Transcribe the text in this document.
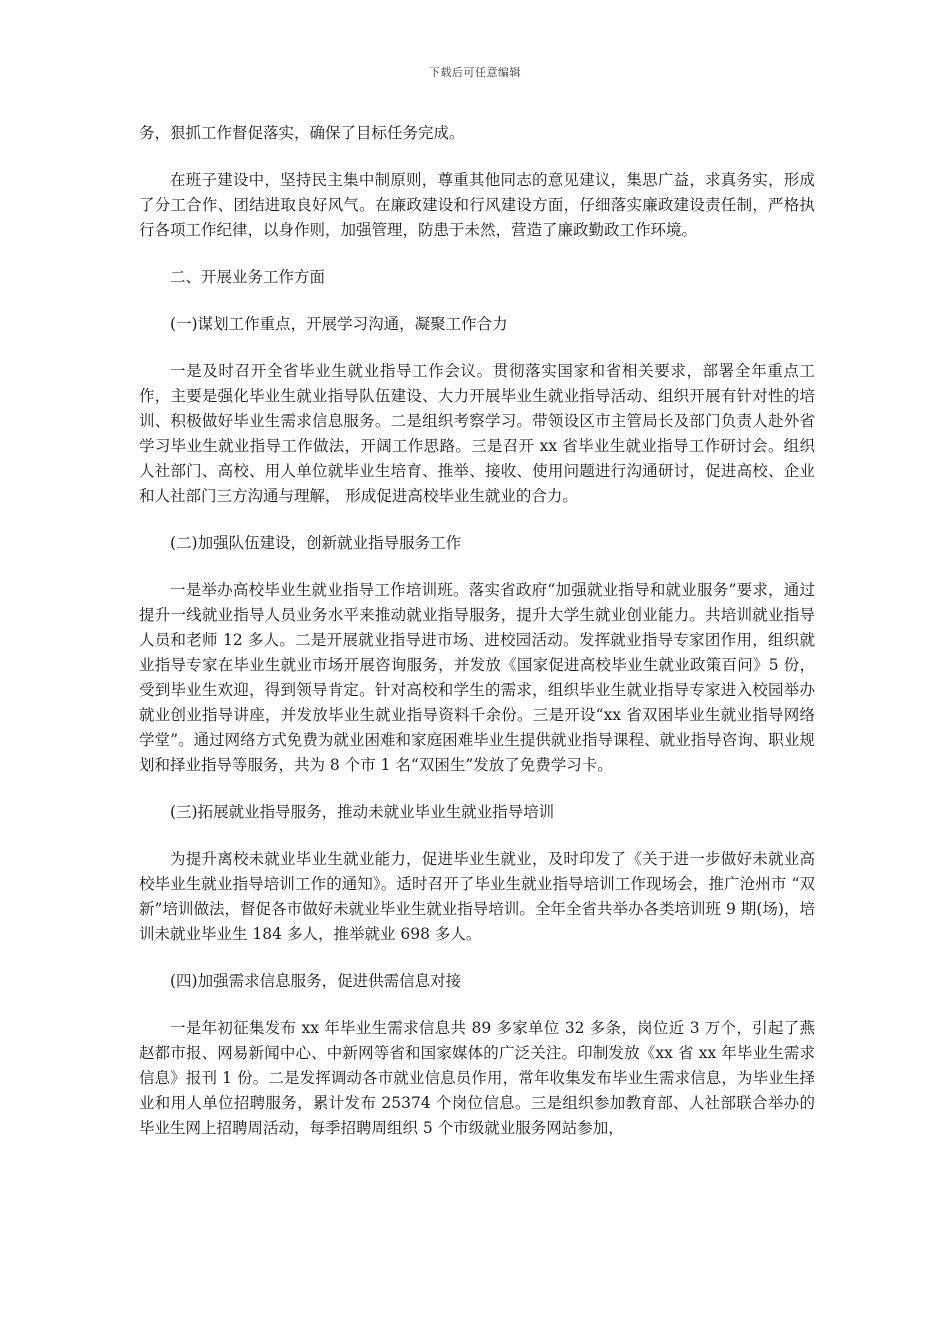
下载后可任意编辑

务，狠抓工作督促落实，确保了目标任务完成。

在班子建设中，坚持民主集中制原则，尊重其他同志的意见建议，集思广益，求真务实，形成了分工合作、团结进取良好风气。在廉政建设和行风建设方面，仔细落实廉政建设责任制，严格执行各项工作纪律，以身作则，加强管理，防患于未然，营造了廉政勤政工作环境。

二、开展业务工作方面

(一)谋划工作重点，开展学习沟通，凝聚工作合力

一是及时召开全省毕业生就业指导工作会议。贯彻落实国家和省相关要求，部署全年重点工作，主要是强化毕业生就业指导队伍建设、大力开展毕业生就业指导活动、组织开展有针对性的培训、积极做好毕业生需求信息服务。二是组织考察学习。带领设区市主管局长及部门负责人赴外省学习毕业生就业指导工作做法，开阔工作思路。三是召开 xx 省毕业生就业指导工作研讨会。组织人社部门、高校、用人单位就毕业生培育、推举、接收、使用问题进行沟通研讨，促进高校、企业和人社部门三方沟通与理解， 形成促进高校毕业生就业的合力。

(二)加强队伍建设，创新就业指导服务工作

一是举办高校毕业生就业指导工作培训班。落实省政府“加强就业指导和就业服务”要求，通过提升一线就业指导人员业务水平来推动就业指导服务，提升大学生就业创业能力。共培训就业指导人员和老师 12 多人。二是开展就业指导进市场、进校园活动。发挥就业指导专家团作用，组织就业指导专家在毕业生就业市场开展咨询服务，并发放《国家促进高校毕业生就业政策百问》5 份，受到毕业生欢迎，得到领导肯定。针对高校和学生的需求，组织毕业生就业指导专家进入校园举办就业创业指导讲座，并发放毕业生就业指导资料千余份。三是开设“xx 省双困毕业生就业指导网络学堂”。通过网络方式免费为就业困难和家庭困难毕业生提供就业指导课程、就业指导咨询、职业规划和择业指导等服务，共为 8 个市 1 名“双困生”发放了免费学习卡。

(三)拓展就业指导服务，推动未就业毕业生就业指导培训

为提升离校未就业毕业生就业能力，促进毕业生就业，及时印发了《关于进一步做好未就业高校毕业生就业指导培训工作的通知》。适时召开了毕业生就业指导培训工作现场会，推广沧州市 “双新”培训做法，督促各市做好未就业毕业生就业指导培训。全年全省共举办各类培训班 9 期(场)，培训未就业毕业生 184 多人，推举就业 698 多人。

(四)加强需求信息服务，促进供需信息对接

一是年初征集发布 xx 年毕业生需求信息共 89 多家单位 32 多条，岗位近 3 万个，引起了燕赵都市报、网易新闻中心、中新网等省和国家媒体的广泛关注。印制发放《xx 省 xx 年毕业生需求信息》报刊 1 份。二是发挥调动各市就业信息员作用，常年收集发布毕业生需求信息，为毕业生择业和用人单位招聘服务，累计发布 25374 个岗位信息。三是组织参加教育部、人社部联合举办的毕业生网上招聘周活动，每季招聘周组织 5 个市级就业服务网站参加，
